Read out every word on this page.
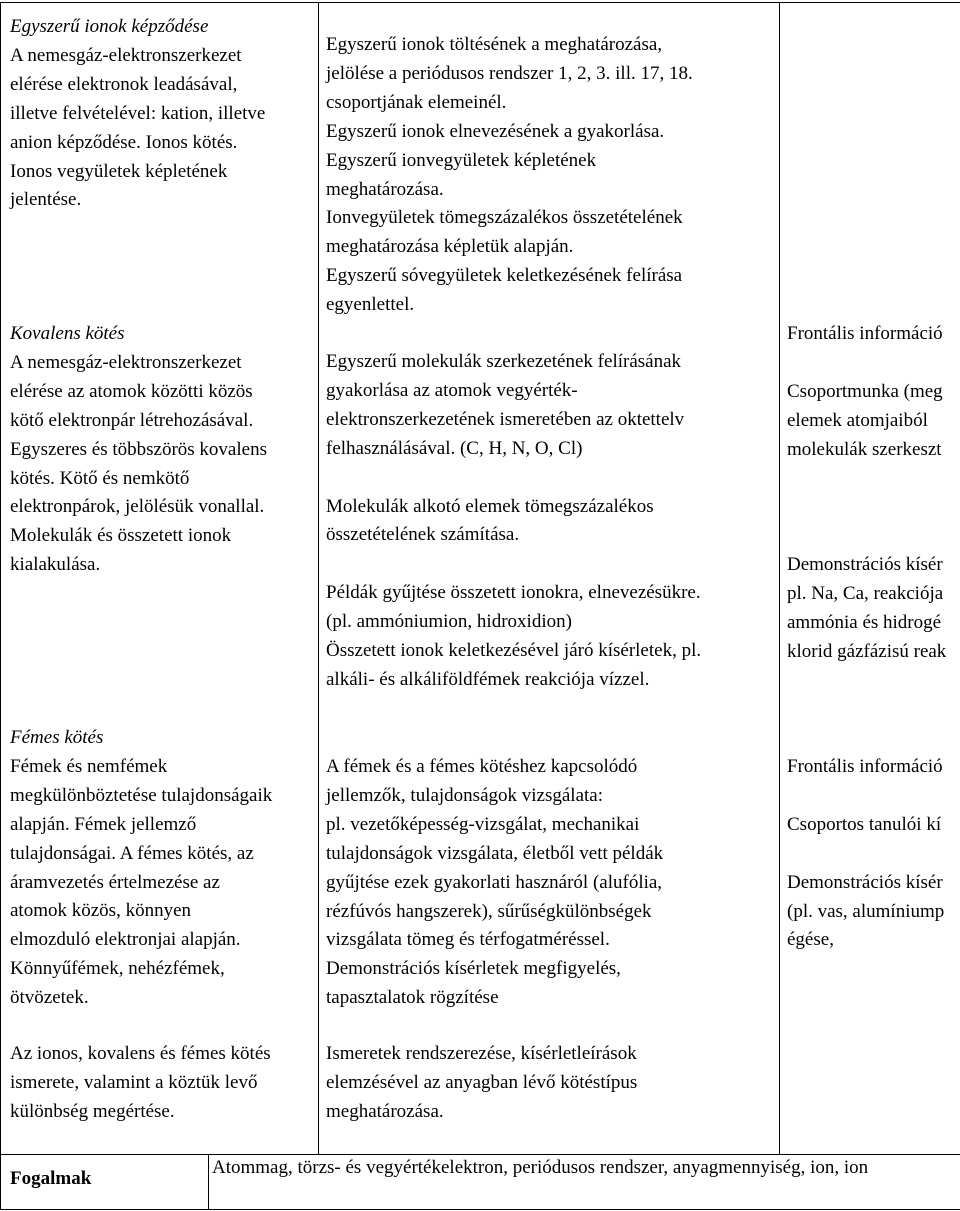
Egyszerű ionok képződése
A nemesgáz-elektronszerkezet
elérése elektronok leadásával,
illetve felvételével: kation, illetve
anion képződése. Ionos kötés.
Ionos vegyületek képletének
jelentése.
Egyszerű ionok töltésének a meghatározása,
jelölése a periódusos rendszer 1, 2, 3. ill. 17, 18.
csoportjának elemeinél.
Egyszerű ionok elnevezésének a gyakorlása.
Egyszerű ionvegyületek képletének
meghatározása.
Ionvegyületek tömegszázalékos összetételének
meghatározása képletük alapján.
Egyszerű sóvegyületek keletkezésének felírása
egyenlettel.
Kovalens kötés
A nemesgáz-elektronszerkezet
elérése az atomok közötti közös
kötő elektronpár létrehozásával.
Egyszeres és többszörös kovalens
kötés. Kötő és nemkötő
elektronpárok, jelölésük vonallal.
Molekulák és összetett ionok
kialakulása.
Egyszerű molekulák szerkezetének felírásának
gyakorlása az atomok vegyérték-
elektronszerkezetének ismeretében az oktettelv
felhasználásával. (C, H, N, O, Cl)
Molekulák alkotó elemek tömegszázalékos
összetételének számítása.
Példák gyűjtése összetett ionokra, elnevezésükre.
(pl. ammóniumion, hidroxidion)
Összetett ionok keletkezésével járó kísérletek, pl.
alkáli- és alkáliföldfémek reakciója vízzel.
Frontális információ
Csoportmunka (meg
elemek atomjaiból
molekulák szerkeszt
Demonstrációs kísér
pl. Na, Ca, reakciója
ammónia és hidrogé
klorid gázfázisú reak
Fémes kötés
Fémek és nemfémek
megkülönböztetése tulajdonságaik
alapján. Fémek jellemző
tulajdonságai. A fémes kötés, az
áramvezetés értelmezése az
atomok közös, könnyen
elmozduló elektronjai alapján.
Könnyűfémek, nehézfémek,
ötvözetek.
A fémek és a fémes kötéshez kapcsolódó
jellemzők, tulajdonságok vizsgálata:
pl. vezetőképesség-vizsgálat, mechanikai
tulajdonságok vizsgálata, életből vett példák
gyűjtése ezek gyakorlati hasznáról (alufólia,
rézfúvós hangszerek), sűrűségkülönbségek
vizsgálata tömeg és térfogatméréssel.
Demonstrációs kísérletek megfigyelés,
tapasztalatok rögzítése
Frontális információ
Csoportos tanulói kí
Demonstrációs kísér
(pl. vas, alumíniump
égése,
Az ionos, kovalens és fémes kötés
ismerete, valamint a köztük levő
különbség megértése.
Ismeretek rendszerezése, kísérletleírások
elemzésével az anyagban lévő kötéstípus
meghatározása.
Fogalmak
Atommag, törzs- és vegyértékelektron, periódusos rendszer, anyagmennyiség, ion, ion
